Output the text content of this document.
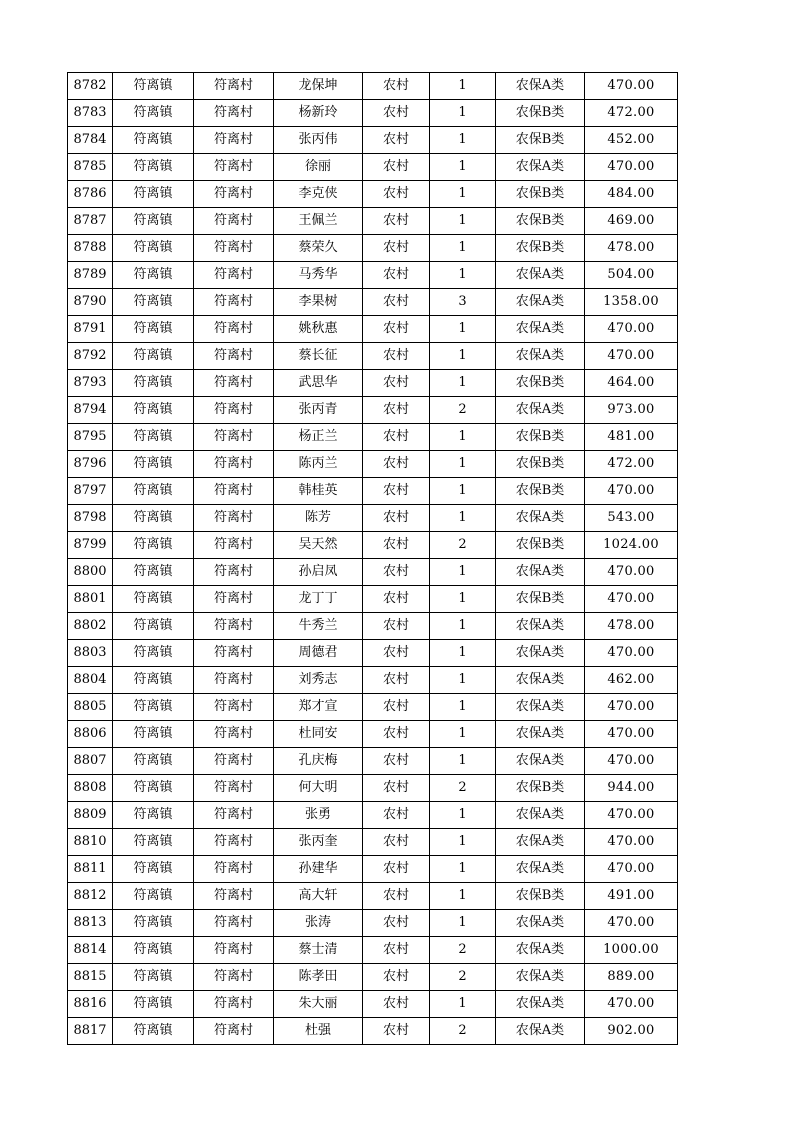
8782	符离镇	符离村	龙保坤	农村	1	农保A类	470.00
8783	符离镇	符离村	杨新玲	农村	1	农保B类	472.00
8784	符离镇	符离村	张丙伟	农村	1	农保B类	452.00
8785	符离镇	符离村	徐丽	农村	1	农保A类	470.00
8786	符离镇	符离村	李克侠	农村	1	农保B类	484.00
8787	符离镇	符离村	王佩兰	农村	1	农保B类	469.00
8788	符离镇	符离村	蔡荣久	农村	1	农保B类	478.00
8789	符离镇	符离村	马秀华	农村	1	农保A类	504.00
8790	符离镇	符离村	李果树	农村	3	农保A类	1358.00
8791	符离镇	符离村	姚秋惠	农村	1	农保A类	470.00
8792	符离镇	符离村	蔡长征	农村	1	农保A类	470.00
8793	符离镇	符离村	武思华	农村	1	农保B类	464.00
8794	符离镇	符离村	张丙青	农村	2	农保A类	973.00
8795	符离镇	符离村	杨正兰	农村	1	农保B类	481.00
8796	符离镇	符离村	陈丙兰	农村	1	农保B类	472.00
8797	符离镇	符离村	韩桂英	农村	1	农保B类	470.00
8798	符离镇	符离村	陈芳	农村	1	农保A类	543.00
8799	符离镇	符离村	吴天然	农村	2	农保B类	1024.00
8800	符离镇	符离村	孙启凤	农村	1	农保A类	470.00
8801	符离镇	符离村	龙丁丁	农村	1	农保B类	470.00
8802	符离镇	符离村	牛秀兰	农村	1	农保A类	478.00
8803	符离镇	符离村	周德君	农村	1	农保A类	470.00
8804	符离镇	符离村	刘秀志	农村	1	农保A类	462.00
8805	符离镇	符离村	郑才宣	农村	1	农保A类	470.00
8806	符离镇	符离村	杜同安	农村	1	农保A类	470.00
8807	符离镇	符离村	孔庆梅	农村	1	农保A类	470.00
8808	符离镇	符离村	何大明	农村	2	农保B类	944.00
8809	符离镇	符离村	张勇	农村	1	农保A类	470.00
8810	符离镇	符离村	张丙奎	农村	1	农保A类	470.00
8811	符离镇	符离村	孙建华	农村	1	农保A类	470.00
8812	符离镇	符离村	高大轩	农村	1	农保B类	491.00
8813	符离镇	符离村	张涛	农村	1	农保A类	470.00
8814	符离镇	符离村	蔡士清	农村	2	农保A类	1000.00
8815	符离镇	符离村	陈孝田	农村	2	农保A类	889.00
8816	符离镇	符离村	朱大丽	农村	1	农保A类	470.00
8817	符离镇	符离村	杜强	农村	2	农保A类	902.00
